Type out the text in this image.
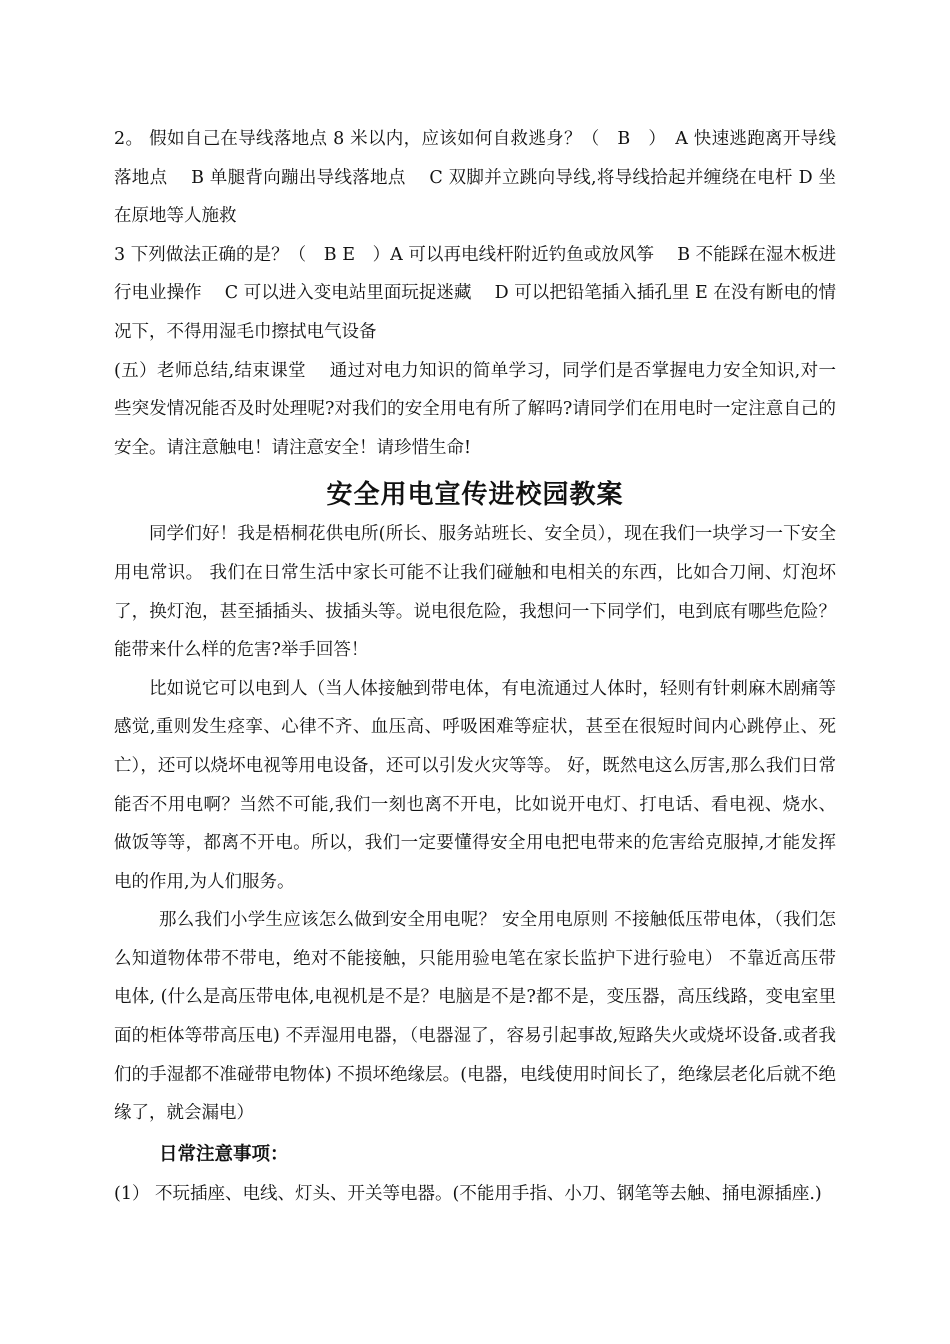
2。 假如自己在导线落地点 8 米以内，应该如何自救逃身？（　B　）　A 快速逃跑离开导线落地点　 B 单腿背向蹦出导线落地点　 C 双脚并立跳向导线,将导线拾起并缠绕在电杆 D 坐在原地等人施救

3 下列做法正确的是？（　B E　）A 可以再电线杆附近钓鱼或放风筝　 B 不能踩在湿木板进行电业操作　 C 可以进入变电站里面玩捉迷藏　 D 可以把铅笔插入插孔里 E 在没有断电的情况下，不得用湿毛巾擦拭电气设备

(五）老师总结,结束课堂　 通过对电力知识的简单学习，同学们是否掌握电力安全知识,对一些突发情况能否及时处理呢?对我们的安全用电有所了解吗?请同学们在用电时一定注意自己的安全。请注意触电！请注意安全！请珍惜生命!

安全用电宣传进校园教案

同学们好！我是梧桐花供电所(所长、服务站班长、安全员），现在我们一块学习一下安全用电常识。 我们在日常生活中家长可能不让我们碰触和电相关的东西，比如合刀闸、灯泡坏了，换灯泡，甚至插插头、拔插头等。说电很危险，我想问一下同学们，电到底有哪些危险？能带来什么样的危害?举手回答！

比如说它可以电到人（当人体接触到带电体，有电流通过人体时，轻则有针刺麻木剧痛等感觉,重则发生痉挛、心律不齐、血压高、呼吸困难等症状，甚至在很短时间内心跳停止、死亡），还可以烧坏电视等用电设备，还可以引发火灾等等。 好，既然电这么厉害,那么我们日常能否不用电啊？当然不可能,我们一刻也离不开电，比如说开电灯、打电话、看电视、烧水、做饭等等，都离不开电。所以，我们一定要懂得安全用电把电带来的危害给克服掉,才能发挥电的作用,为人们服务。

那么我们小学生应该怎么做到安全用电呢？ 安全用电原则 不接触低压带电体，（我们怎么知道物体带不带电，绝对不能接触，只能用验电笔在家长监护下进行验电） 不靠近高压带电体, (什么是高压带电体,电视机是不是？电脑是不是?都不是，变压器，高压线路，变电室里面的柜体等带高压电) 不弄湿用电器，（电器湿了，容易引起事故,短路失火或烧坏设备.或者我们的手湿都不准碰带电物体) 不损坏绝缘层。(电器，电线使用时间长了，绝缘层老化后就不绝缘了，就会漏电）

日常注意事项：

(1） 不玩插座、电线、灯头、开关等电器。(不能用手指、小刀、钢笔等去触、捅电源插座.)
